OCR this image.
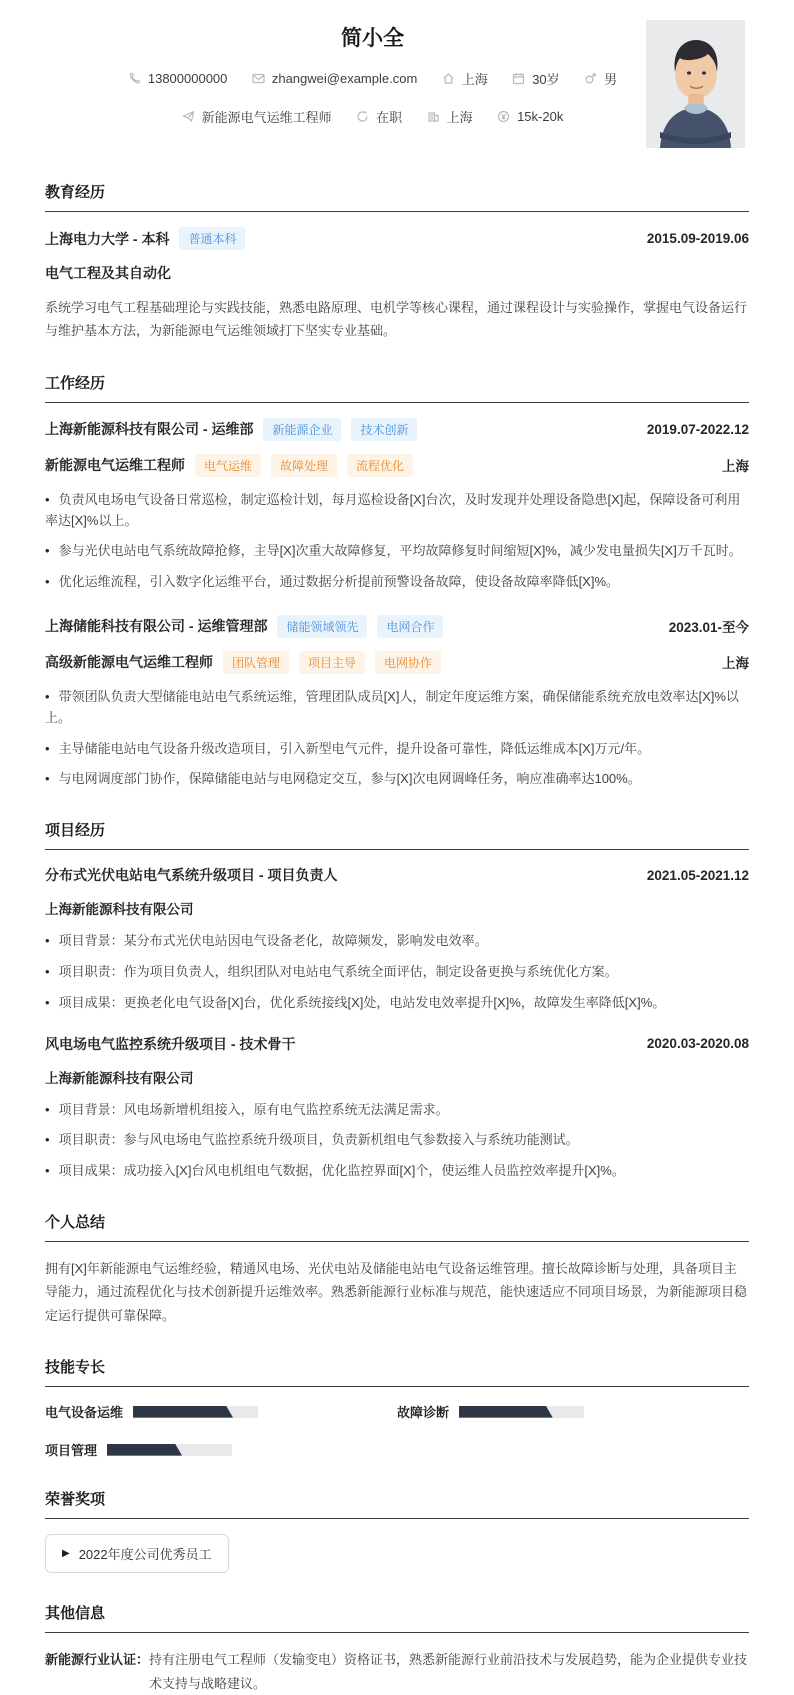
简小全
13800000000
	zhangwei@example.com
	上海
	30岁
	男
新能源电气运维工程师
	在职
	上海
	15k-20k
教育经历
上海电力大学 - 本科	普通本科	2015.09-2019.06
电气工程及其自动化

系统学习电气工程基础理论与实践技能，熟悉电路原理、电机学等核心课程，通过课程设计与实验操作，掌握电气设备运行与维护基本方法，为新能源电气运维领域打下坚实专业基础。

工作经历
上海新能源科技有限公司 - 运维部	新能源企业	技术创新	2019.07-2022.12
新能源电气运维工程师	电气运维	故障处理	流程优化	上海
• 负责风电场电气设备日常巡检，制定巡检计划，每月巡检设备[X]台次，及时发现并处理设备隐患[X]起，保障设备可利用率达[X]%以上。
• 参与光伏电站电气系统故障抢修，主导[X]次重大故障修复，平均故障修复时间缩短[X]%，减少发电量损失[X]万千瓦时。
• 优化运维流程，引入数字化运维平台，通过数据分析提前预警设备故障，使设备故障率降低[X]%。
上海储能科技有限公司 - 运维管理部	储能领域领先	电网合作	2023.01-至今
高级新能源电气运维工程师	团队管理	项目主导	电网协作	上海
• 带领团队负责大型储能电站电气系统运维，管理团队成员[X]人，制定年度运维方案，确保储能系统充放电效率达[X]%以上。
• 主导储能电站电气设备升级改造项目，引入新型电气元件，提升设备可靠性，降低运维成本[X]万元/年。
• 与电网调度部门协作，保障储能电站与电网稳定交互，参与[X]次电网调峰任务，响应准确率达100%。
项目经历
分布式光伏电站电气系统升级项目 - 项目负责人	2021.05-2021.12
上海新能源科技有限公司
• 项目背景：某分布式光伏电站因电气设备老化，故障频发，影响发电效率。
• 项目职责：作为项目负责人，组织团队对电站电气系统全面评估，制定设备更换与系统优化方案。
• 项目成果：更换老化电气设备[X]台，优化系统接线[X]处，电站发电效率提升[X]%，故障发生率降低[X]%。
风电场电气监控系统升级项目 - 技术骨干	2020.03-2020.08
上海新能源科技有限公司
• 项目背景：风电场新增机组接入，原有电气监控系统无法满足需求。
• 项目职责：参与风电场电气监控系统升级项目，负责新机组电气参数接入与系统功能测试。
• 项目成果：成功接入[X]台风电机组电气数据，优化监控界面[X]个，使运维人员监控效率提升[X]%。
个人总结

拥有[X]年新能源电气运维经验，精通风电场、光伏电站及储能电站电气设备运维管理。擅长故障诊断与处理，具备项目主导能力，通过流程优化与技术创新提升运维效率。熟悉新能源行业标准与规范，能快速适应不同项目场景，为新能源项目稳定运行提供可靠保障。

技能专长
电气设备运维	故障诊断
项目管理
荣誉奖项
▶ 2022年度公司优秀员工
其他信息
新能源行业认证： 持有注册电气工程师（发输变电）资格证书，熟悉新能源行业前沿技术与发展趋势，能为企业提供专业技术支持与战略建议。
